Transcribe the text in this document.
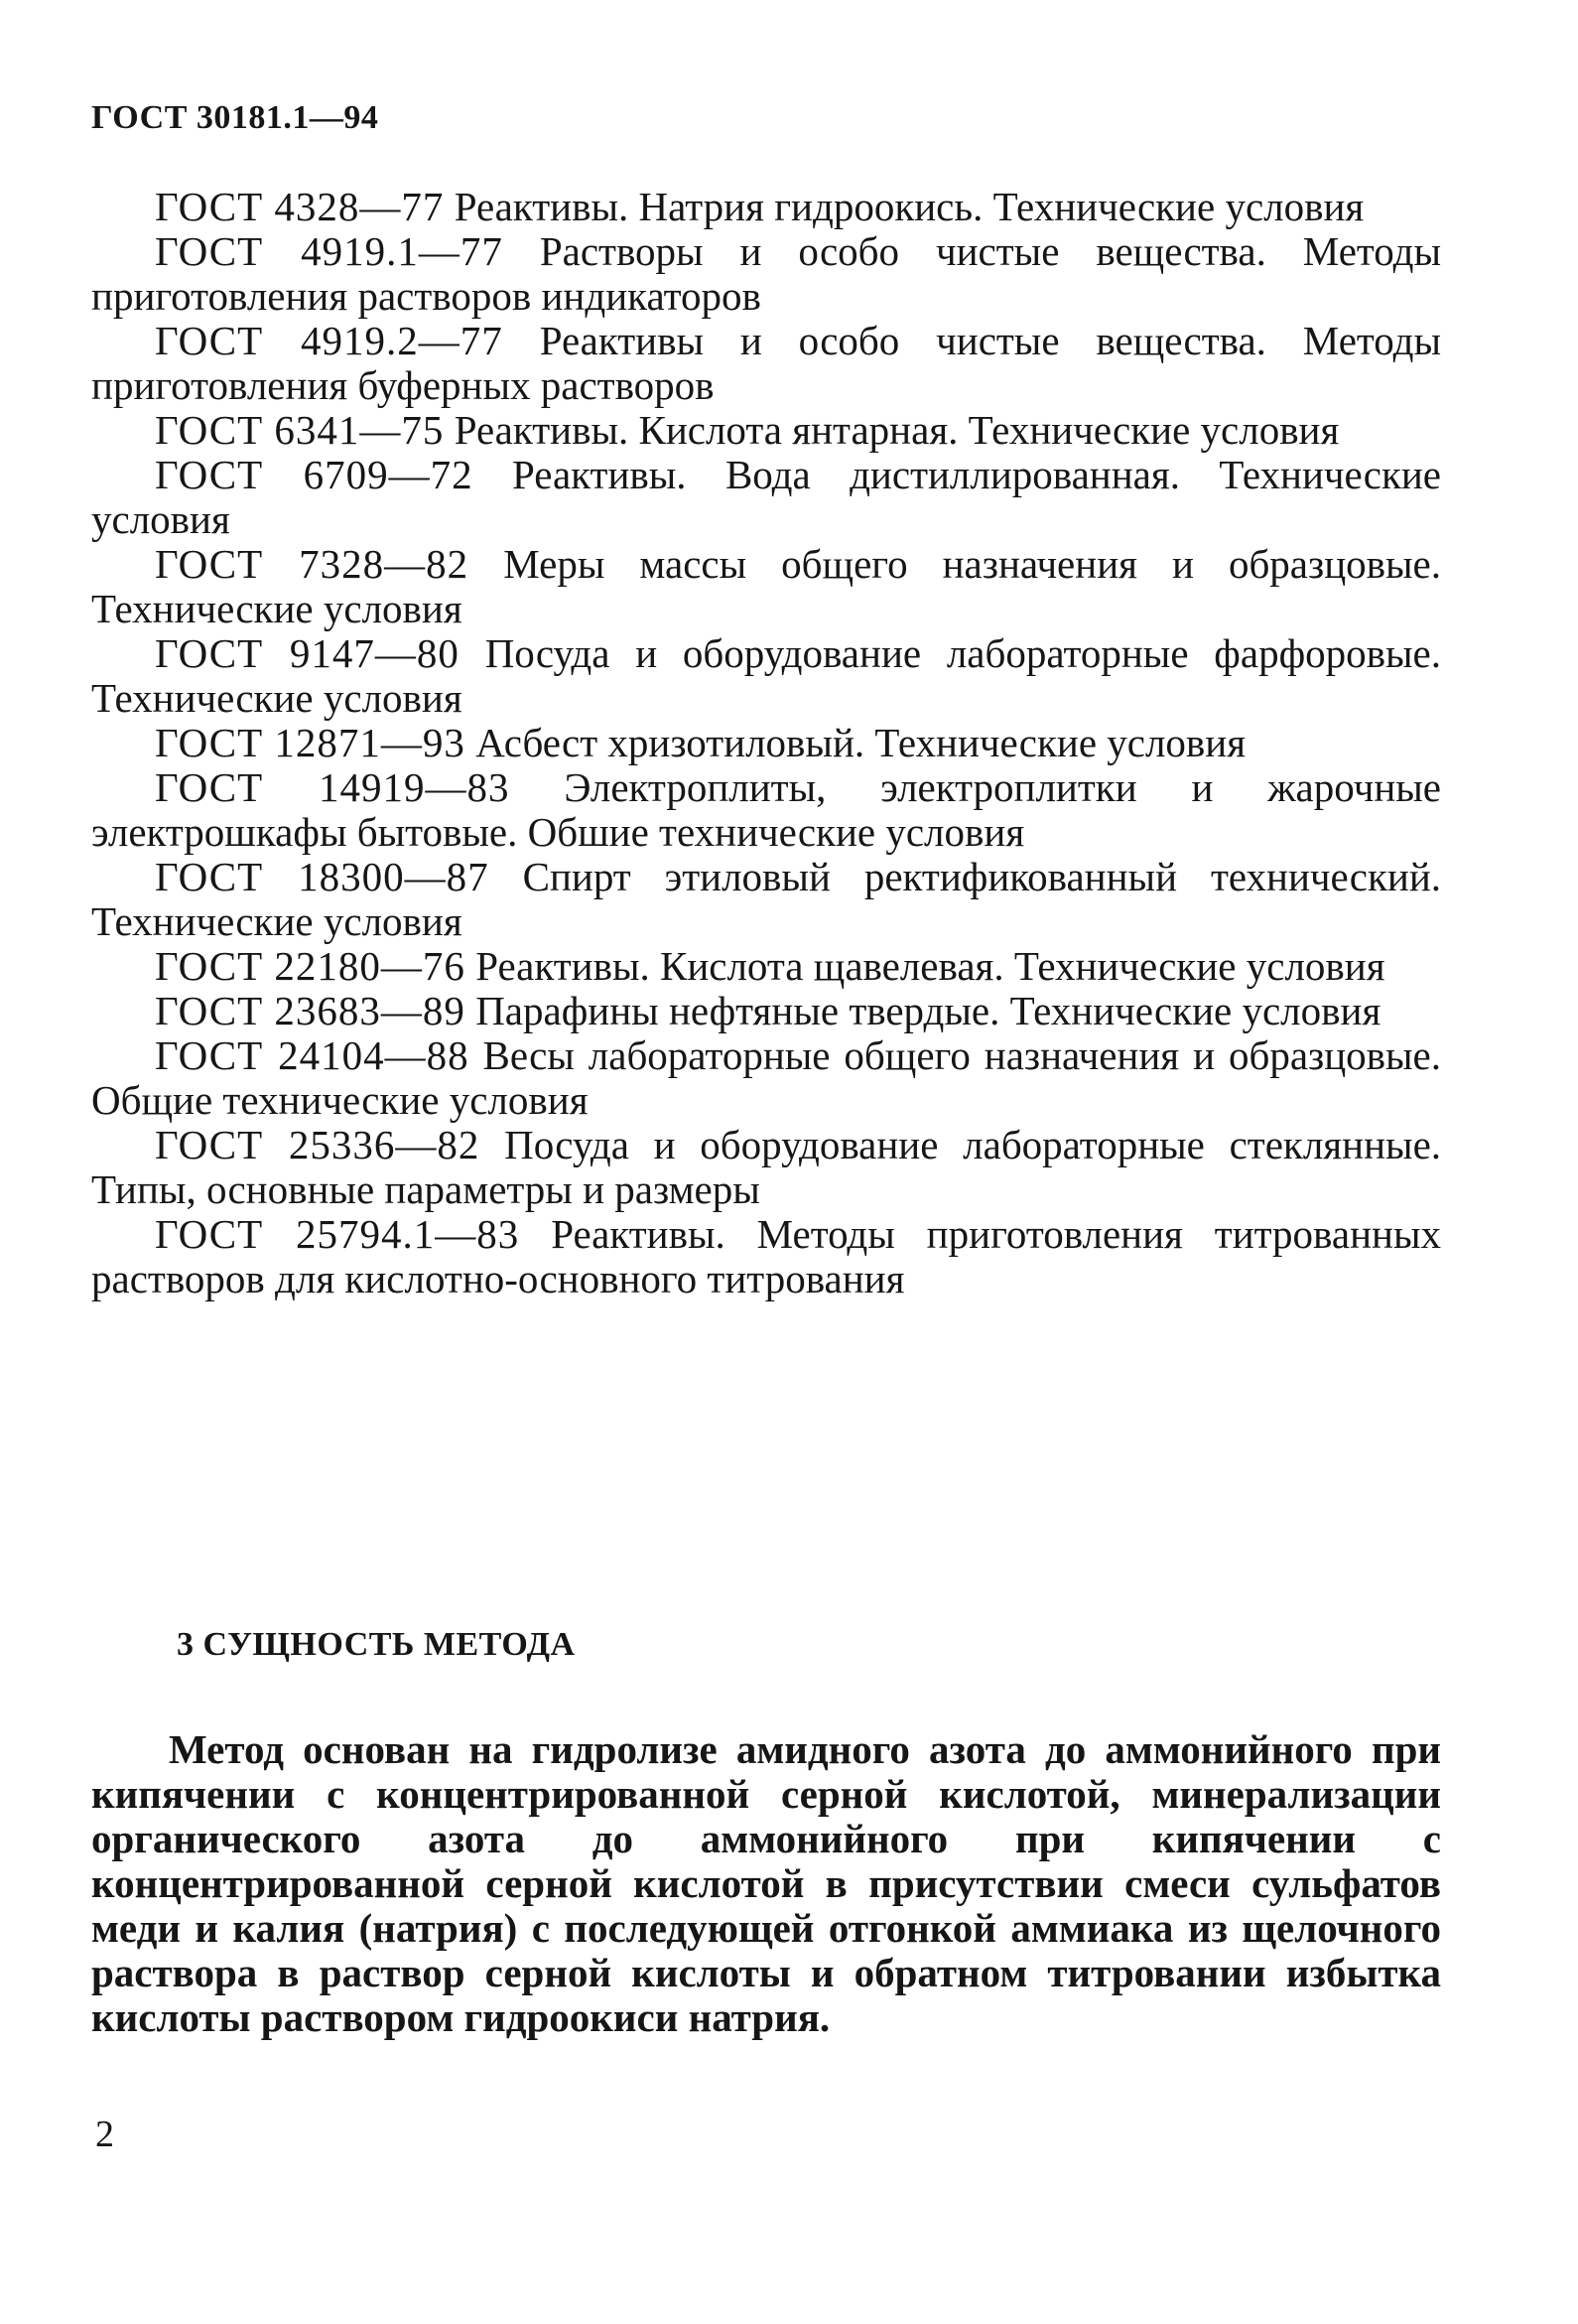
ГОСТ 30181.1—94

ГОСТ 4328—77 Реактивы. Натрия гидроокись. Технические условия
ГОСТ 4919.1—77 Растворы и особо чистые вещества. Методы приготовления растворов индикаторов
ГОСТ 4919.2—77 Реактивы и особо чистые вещества. Методы приготовления буферных растворов
ГОСТ 6341—75 Реактивы. Кислота янтарная. Технические условия
ГОСТ 6709—72 Реактивы. Вода дистиллированная. Технические условия
ГОСТ 7328—82 Меры массы общего назначения и образцовые. Технические условия
ГОСТ 9147—80 Посуда и оборудование лабораторные фарфоровые. Технические условия
ГОСТ 12871—93 Асбест хризотиловый. Технические условия
ГОСТ 14919—83 Электроплиты, электроплитки и жарочные электрошкафы бытовые. Обшие технические условия
ГОСТ 18300—87 Спирт этиловый ректификованный технический. Технические условия
ГОСТ 22180—76 Реактивы. Кислота щавелевая. Технические условия
ГОСТ 23683—89 Парафины нефтяные твердые. Технические условия
ГОСТ 24104—88 Весы лабораторные общего назначения и образцовые. Общие технические условия
ГОСТ 25336—82 Посуда и оборудование лабораторные стеклянные. Типы, основные параметры и размеры
ГОСТ 25794.1—83 Реактивы. Методы приготовления титрованных растворов для кислотно-основного титрования
3 СУЩНОСТЬ МЕТОДА

Метод основан на гидролизе амидного азота до аммонийного при кипячении с концентрированной серной кислотой, минерализации органического азота до аммонийного при кипячении с концентрированной серной кислотой в присутствии смеси сульфатов меди и калия (натрия) с последующей отгонкой аммиака из щелочного раствора в раствор серной кислоты и обратном титровании избытка кислоты раствором гидроокиси натрия.

2
